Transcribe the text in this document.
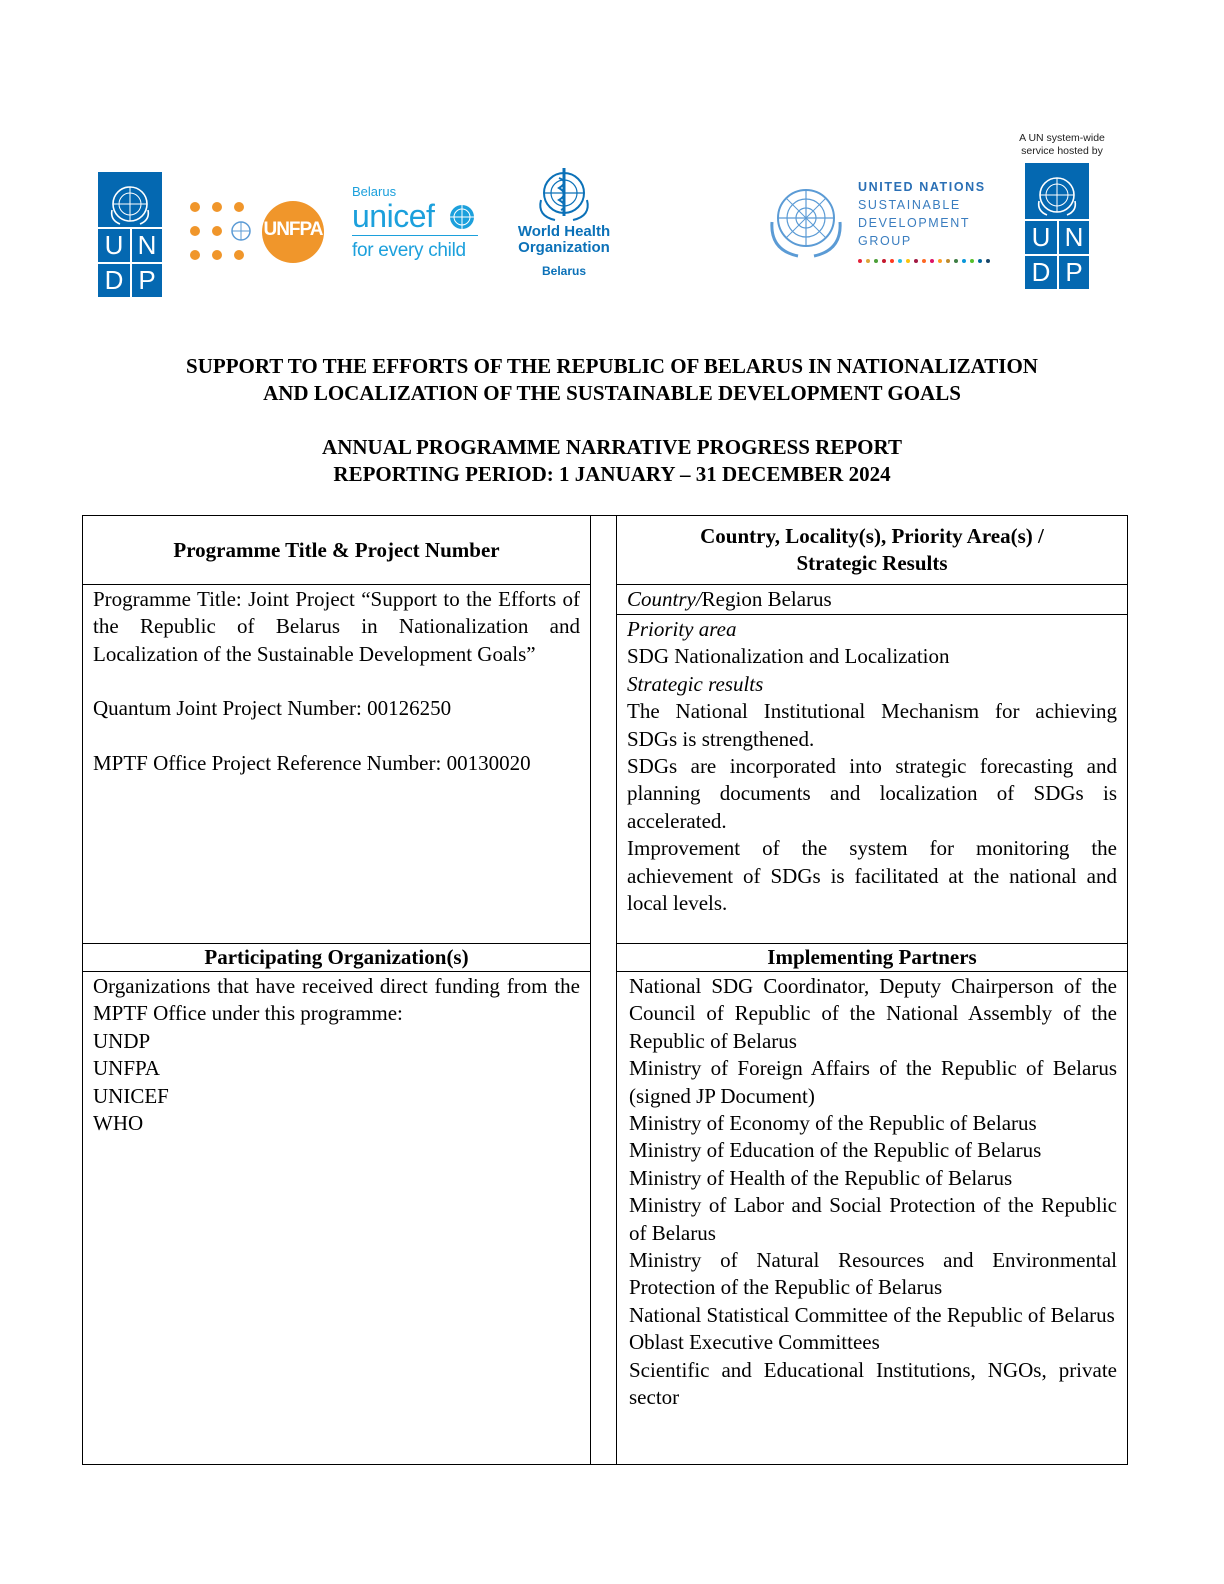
U N
D P
UNFPA
Belarus
unicef
for every child
World Health
Organization
Belarus
UNITED NATIONS
SUSTAINABLE
DEVELOPMENT
GROUP
A UN system-wide
service hosted by
U N
D P
SUPPORT TO THE EFFORTS OF THE REPUBLIC OF BELARUS IN NATIONALIZATION
AND LOCALIZATION OF THE SUSTAINABLE DEVELOPMENT GOALS
ANNUAL PROGRAMME NARRATIVE PROGRESS REPORT
REPORTING PERIOD: 1 JANUARY – 31 DECEMBER 2024
Programme Title & Project Number
Country, Locality(s), Priority Area(s) /
Strategic Results
Programme Title: Joint Project “Support to the Efforts of the Republic of Belarus in Nationalization and Localization of the Sustainable Development Goals”
Quantum Joint Project Number: 00126250
MPTF Office Project Reference Number: 00130020
Country/Region Belarus
Priority area
SDG Nationalization and Localization
Strategic results
The National Institutional Mechanism for achieving SDGs is strengthened.
SDGs are incorporated into strategic forecasting and planning documents and localization of SDGs is accelerated.
Improvement of the system for monitoring the achievement of SDGs is facilitated at the national and local levels.
Participating Organization(s)	Implementing Partners
Organizations that have received direct funding from the MPTF Office under this programme:
UNDP
UNFPA
UNICEF
WHO
National SDG Coordinator, Deputy Chairperson of the Council of Republic of the National Assembly of the Republic of Belarus
Ministry of Foreign Affairs of the Republic of Belarus (signed JP Document)
Ministry of Economy of the Republic of Belarus
Ministry of Education of the Republic of Belarus
Ministry of Health of the Republic of Belarus
Ministry of Labor and Social Protection of the Republic of Belarus
Ministry of Natural Resources and Environmental Protection of the Republic of Belarus
National Statistical Committee of the Republic of Belarus
Oblast Executive Committees
Scientific and Educational Institutions, NGOs, private sector
